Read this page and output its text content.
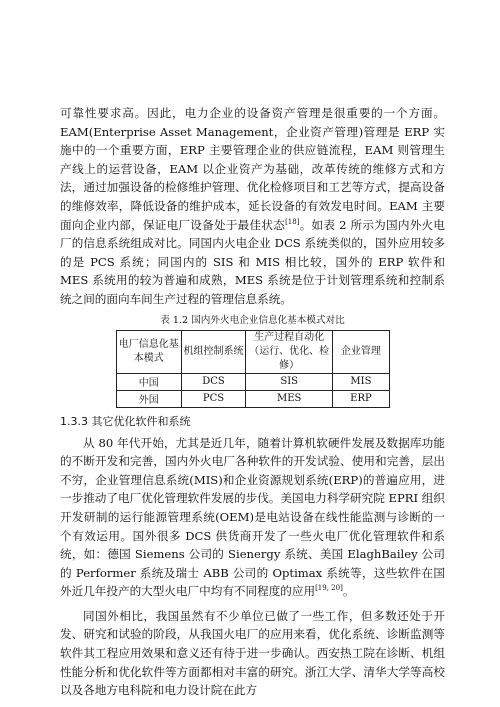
可靠性要求高。因此，电力企业的设备资产管理是很重要的一个方面。EAM(Enterprise Asset Management，企业资产管理)管理是 ERP 实施中的一个重要方面，ERP 主要管理企业的供应链流程，EAM 则管理生产线上的运营设备，EAM 以企业资产为基础，改革传统的维修方式和方法，通过加强设备的检修维护管理、优化检修项目和工艺等方式，提高设备的维修效率，降低设备的维护成本，延长设备的有效发电时间。EAM 主要面向企业内部，保证电厂设备处于最佳状态[18]。如表 2 所示为国内外火电厂的信息系统组成对比。同国内火电企业 DCS 系统类似的，国外应用较多的是 PCS 系统；同国内的 SIS 和 MIS 相比较，国外的 ERP 软件和 MES 系统用的较为普遍和成熟，MES 系统是位于计划管理系统和控制系统之间的面向车间生产过程的管理信息系统。

表 1.2 国内外火电企业信息化基本模式对比
电厂信息化基本模式	机组控制系统	生产过程自动化（运行、优化、检修）	企业管理
中国	DCS	SIS	MIS
外国	PCS	MES	ERP
1.3.3 其它优化软件和系统

从 80 年代开始，尤其是近几年，随着计算机软硬件发展及数据库功能的不断开发和完善，国内外火电厂各种软件的开发试验、使用和完善，层出不穷，企业管理信息系统(MIS)和企业资源规划系统(ERP)的普遍应用，进一步推动了电厂优化管理软件发展的步伐。美国电力科学研究院 EPRI 组织开发研制的运行能源管理系统(OEM)是电站设备在线性能监测与诊断的一个有效运用。国外很多 DCS 供货商开发了一些火电厂优化管理软件和系统，如：德国 Siemens 公司的 Sienergy 系统、美国 ElaghBailey 公司的 Performer 系统及瑞士 ABB 公司的 Optimax 系统等，这些软件在国外近几年投产的大型火电厂中均有不同程度的应用[19, 20]。

同国外相比，我国虽然有不少单位已做了一些工作，但多数还处于开发、研究和试验的阶段，从我国火电厂的应用来看，优化系统、诊断监测等软件其工程应用效果和意义还有待于进一步确认。西安热工院在诊断、机组性能分析和优化软件等方面都相对丰富的研究。浙江大学、清华大学等高校以及各地方电科院和电力设计院在此方
